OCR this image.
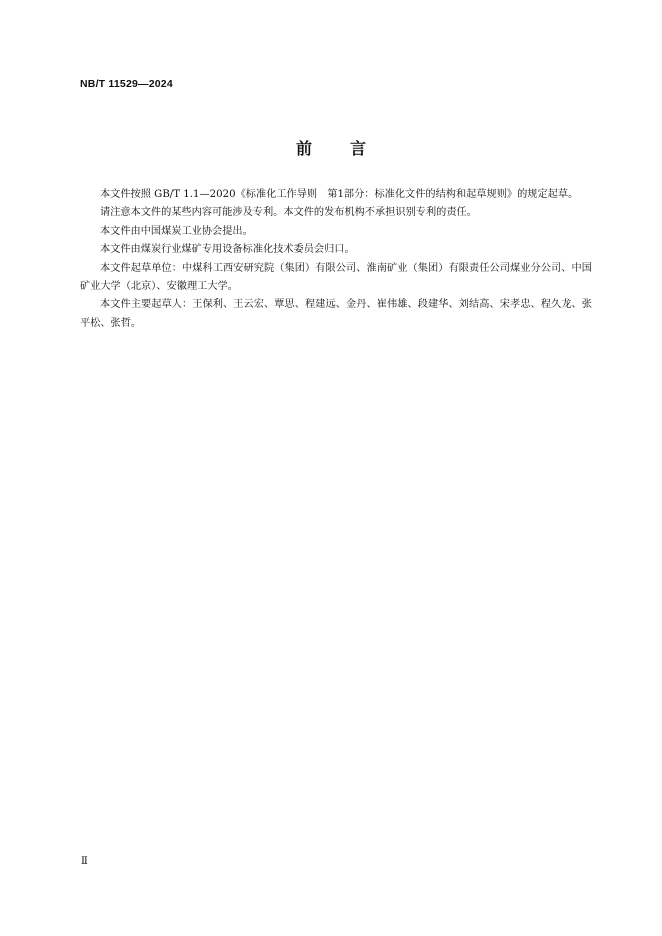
NB/T 11529—2024
前言

本文件按照 GB/T 1.1—2020《标准化工作导则　第1部分：标准化文件的结构和起草规则》的规定起草。

请注意本文件的某些内容可能涉及专利。本文件的发布机构不承担识别专利的责任。

本文件由中国煤炭工业协会提出。

本文件由煤炭行业煤矿专用设备标准化技术委员会归口。

本文件起草单位：中煤科工西安研究院（集团）有限公司、淮南矿业（集团）有限责任公司煤业分公司、中国矿业大学（北京）、安徽理工大学。

本文件主要起草人：王保利、王云宏、覃思、程建远、金丹、崔伟雄、段建华、刘结高、宋孝忠、程久龙、张平松、张哲。

Ⅱ
